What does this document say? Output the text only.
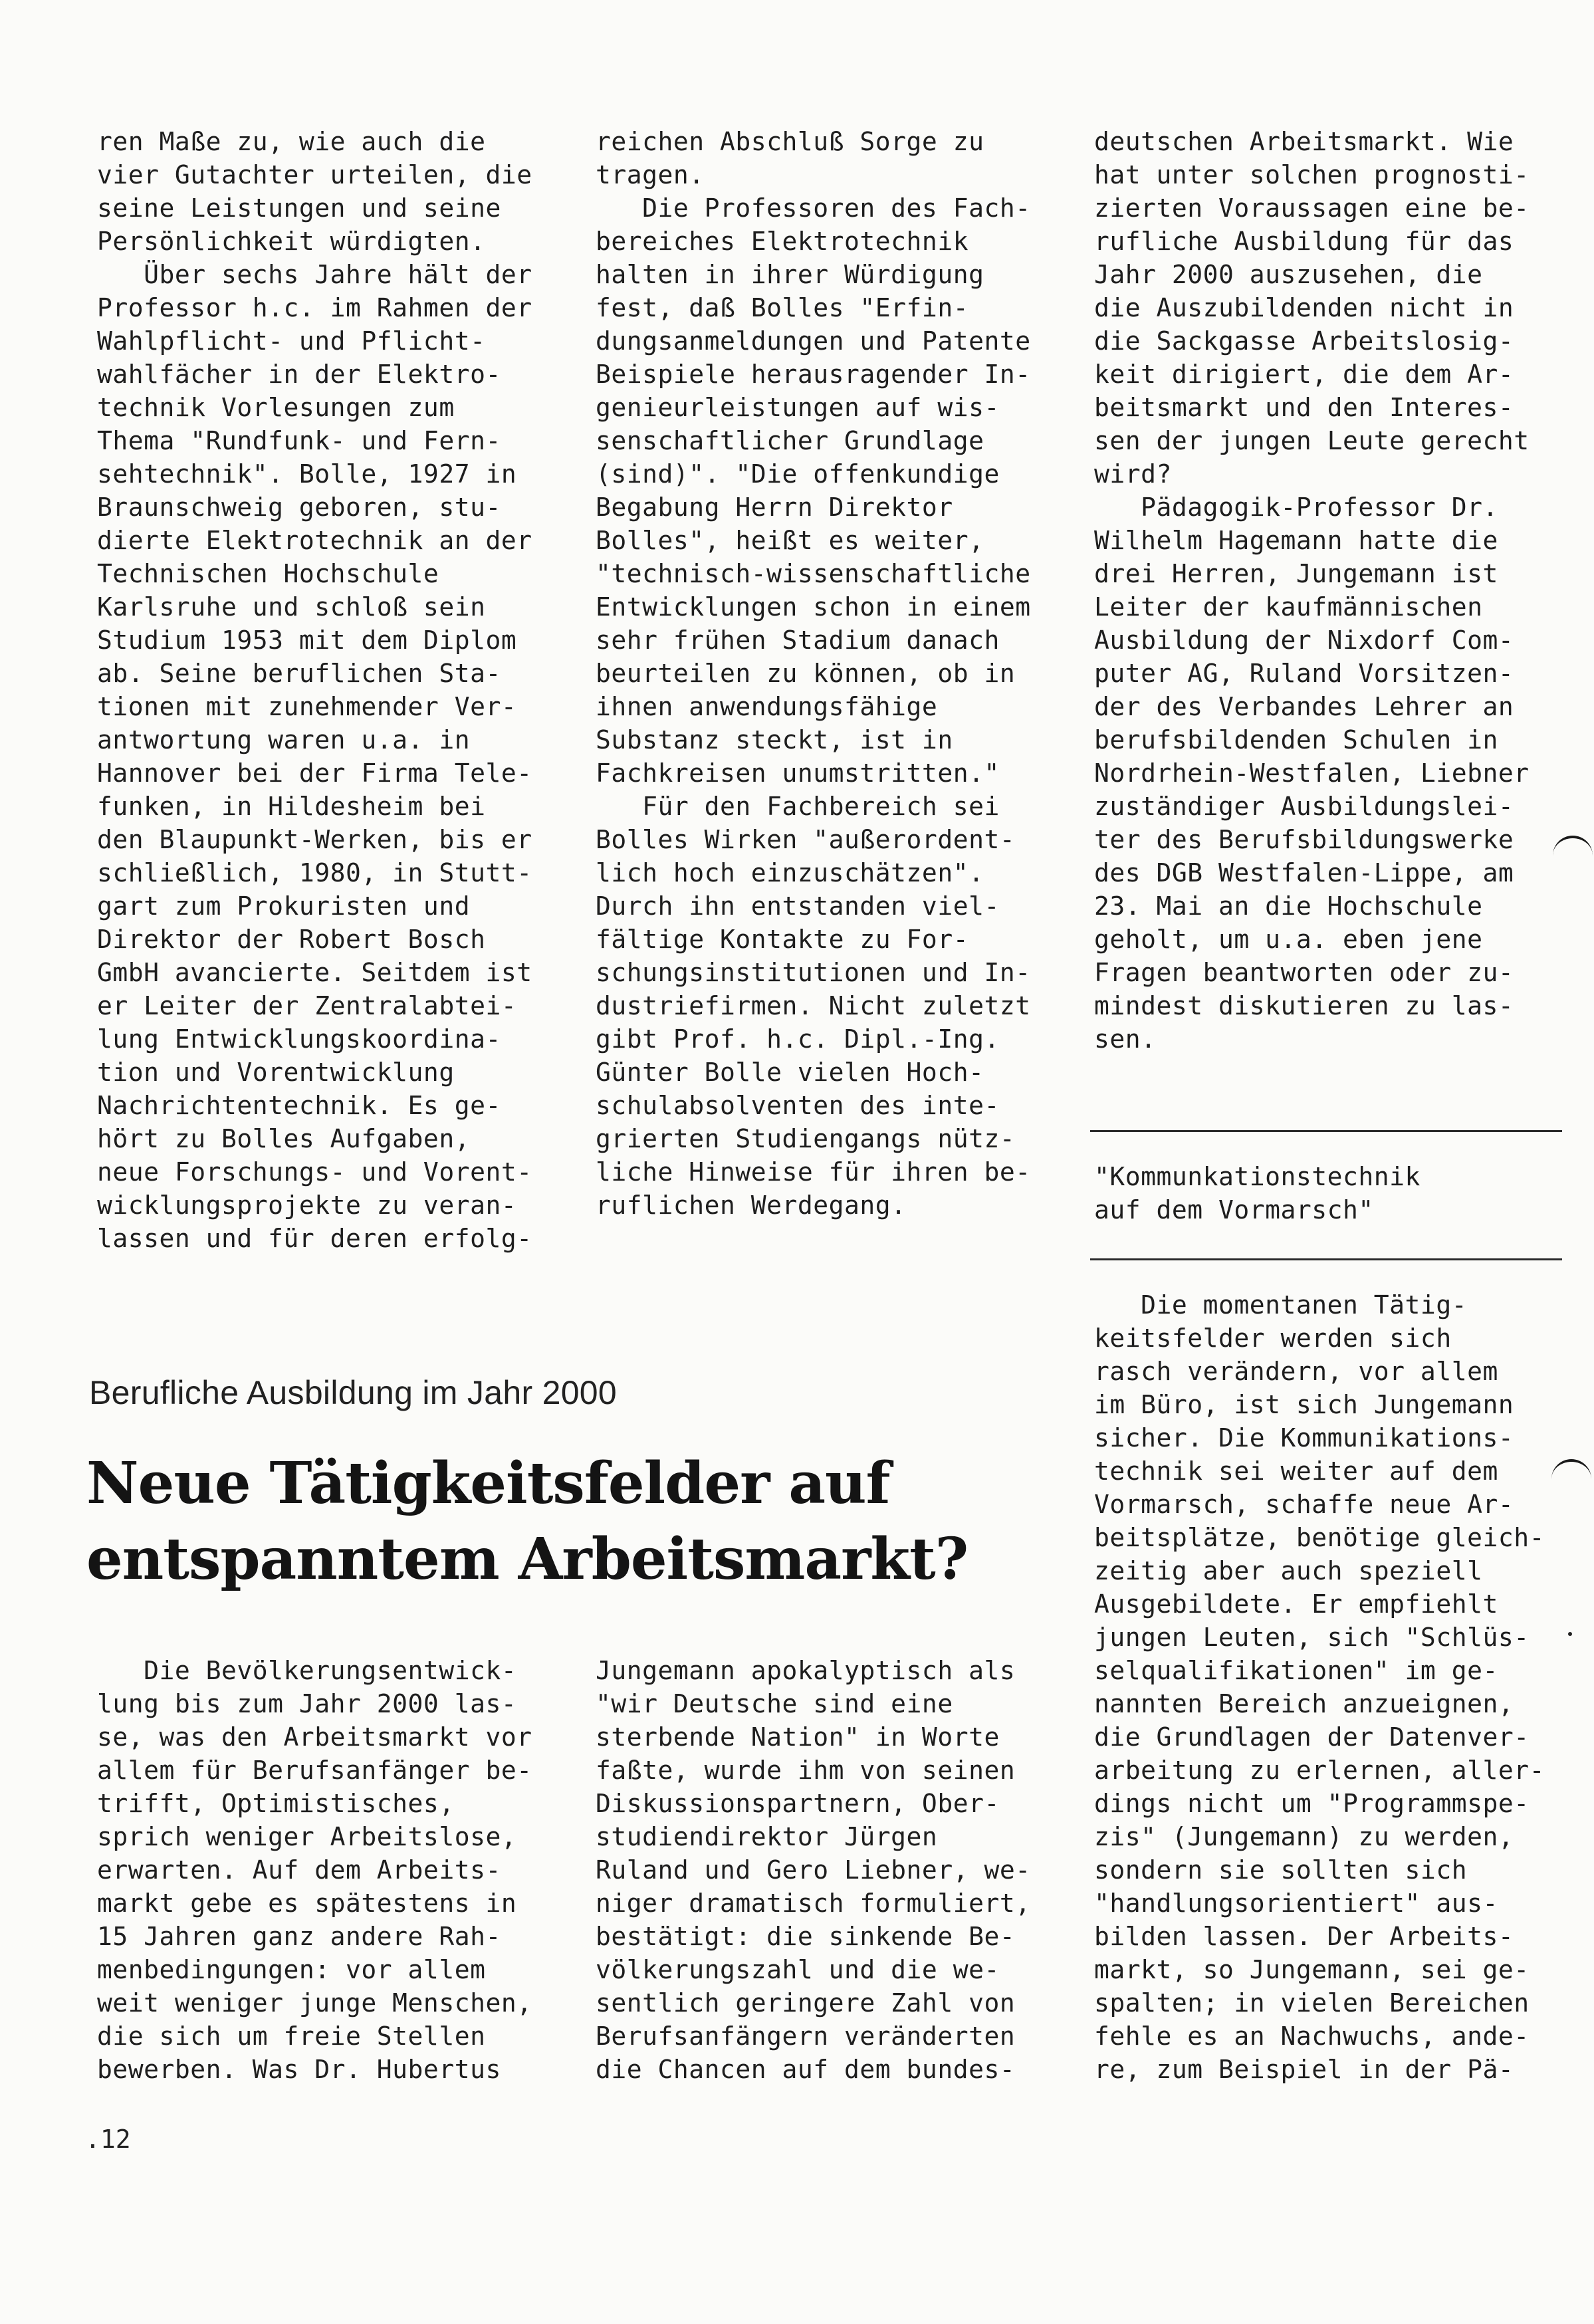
ren Maße zu, wie auch die
vier Gutachter urteilen, die
seine Leistungen und seine
Persönlichkeit würdigten.
Über sechs Jahre hält der
Professor h.c. im Rahmen der
Wahlpflicht- und Pflicht-
wahlfächer in der Elektro-
technik Vorlesungen zum
Thema "Rundfunk- und Fern-
sehtechnik". Bolle, 1927 in
Braunschweig geboren, stu-
dierte Elektrotechnik an der
Technischen Hochschule
Karlsruhe und schloß sein
Studium 1953 mit dem Diplom
ab. Seine beruflichen Sta-
tionen mit zunehmender Ver-
antwortung waren u.a. in
Hannover bei der Firma Tele-
funken, in Hildesheim bei
den Blaupunkt-Werken, bis er
schließlich, 1980, in Stutt-
gart zum Prokuristen und
Direktor der Robert Bosch
GmbH avancierte. Seitdem ist
er Leiter der Zentralabtei-
lung Entwicklungskoordina-
tion und Vorentwicklung
Nachrichtentechnik. Es ge-
hört zu Bolles Aufgaben,
neue Forschungs- und Vorent-
wicklungsprojekte zu veran-
lassen und für deren erfolg-
reichen Abschluß Sorge zu
tragen.
Die Professoren des Fach-
bereiches Elektrotechnik
halten in ihrer Würdigung
fest, daß Bolles "Erfin-
dungsanmeldungen und Patente
Beispiele herausragender In-
genieurleistungen auf wis-
senschaftlicher Grundlage
(sind)". "Die offenkundige
Begabung Herrn Direktor
Bolles", heißt es weiter,
"technisch-wissenschaftliche
Entwicklungen schon in einem
sehr frühen Stadium danach
beurteilen zu können, ob in
ihnen anwendungsfähige
Substanz steckt, ist in
Fachkreisen unumstritten."
Für den Fachbereich sei
Bolles Wirken "außerordent-
lich hoch einzuschätzen".
Durch ihn entstanden viel-
fältige Kontakte zu For-
schungsinstitutionen und In-
dustriefirmen. Nicht zuletzt
gibt Prof. h.c. Dipl.-Ing.
Günter Bolle vielen Hoch-
schulabsolventen des inte-
grierten Studiengangs nütz-
liche Hinweise für ihren be-
ruflichen Werdegang.
deutschen Arbeitsmarkt. Wie
hat unter solchen prognosti-
zierten Voraussagen eine be-
rufliche Ausbildung für das
Jahr 2000 auszusehen, die
die Auszubildenden nicht in
die Sackgasse Arbeitslosig-
keit dirigiert, die dem Ar-
beitsmarkt und den Interes-
sen der jungen Leute gerecht
wird?
Pädagogik-Professor Dr.
Wilhelm Hagemann hatte die
drei Herren, Jungemann ist
Leiter der kaufmännischen
Ausbildung der Nixdorf Com-
puter AG, Ruland Vorsitzen-
der des Verbandes Lehrer an
berufsbildenden Schulen in
Nordrhein-Westfalen, Liebner
zuständiger Ausbildungslei-
ter des Berufsbildungswerke
des DGB Westfalen-Lippe, am
23. Mai an die Hochschule
geholt, um u.a. eben jene
Fragen beantworten oder zu-
mindest diskutieren zu las-
sen.
"Kommunkationstechnik
auf dem Vormarsch"
Berufliche Ausbildung im Jahr 2000
Neue Tätigkeitsfelder auf
entspanntem Arbeitsmarkt?
Die Bevölkerungsentwick-
lung bis zum Jahr 2000 las-
se, was den Arbeitsmarkt vor
allem für Berufsanfänger be-
trifft, Optimistisches,
sprich weniger Arbeitslose,
erwarten. Auf dem Arbeits-
markt gebe es spätestens in
15 Jahren ganz andere Rah-
menbedingungen: vor allem
weit weniger junge Menschen,
die sich um freie Stellen
bewerben. Was Dr. Hubertus
Jungemann apokalyptisch als
"wir Deutsche sind eine
sterbende Nation" in Worte
faßte, wurde ihm von seinen
Diskussionspartnern, Ober-
studiendirektor Jürgen
Ruland und Gero Liebner, we-
niger dramatisch formuliert,
bestätigt: die sinkende Be-
völkerungszahl und die we-
sentlich geringere Zahl von
Berufsanfängern veränderten
die Chancen auf dem bundes-
Die momentanen Tätig-
keitsfelder werden sich
rasch verändern, vor allem
im Büro, ist sich Jungemann
sicher. Die Kommunikations-
technik sei weiter auf dem
Vormarsch, schaffe neue Ar-
beitsplätze, benötige gleich-
zeitig aber auch speziell
Ausgebildete. Er empfiehlt
jungen Leuten, sich "Schlüs-
selqualifikationen" im ge-
nannten Bereich anzueignen,
die Grundlagen der Datenver-
arbeitung zu erlernen, aller-
dings nicht um "Programmspe-
zis" (Jungemann) zu werden,
sondern sie sollten sich
"handlungsorientiert" aus-
bilden lassen. Der Arbeits-
markt, so Jungemann, sei ge-
spalten; in vielen Bereichen
fehle es an Nachwuchs, ande-
re, zum Beispiel in der Pä-
.12
